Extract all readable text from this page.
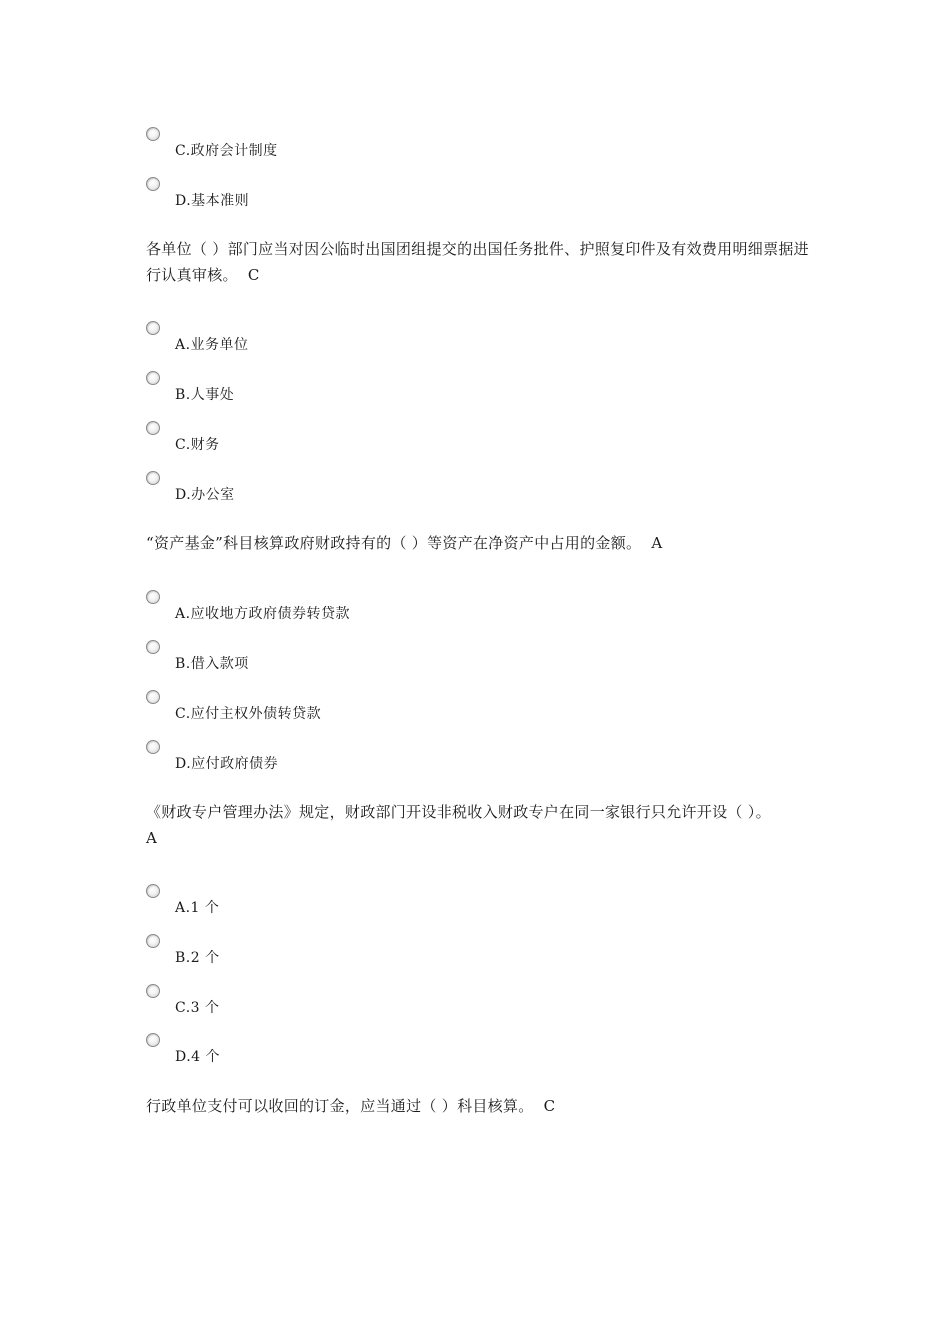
C.政府会计制度
D.基本准则
各单位（ ）部门应当对因公临时出国团组提交的出国任务批件、护照复印件及有效费用明细票据进行认真审核。 C
A.业务单位
B.人事处
C.财务
D.办公室
“资产基金”科目核算政府财政持有的（ ）等资产在净资产中占用的金额。 A
A.应收地方政府债券转贷款
B.借入款项
C.应付主权外债转贷款
D.应付政府债券
《财政专户管理办法》规定，财政部门开设非税收入财政专户在同一家银行只允许开设（ ）。
A
A.1 个
B.2 个
C.3 个
D.4 个
行政单位支付可以收回的订金，应当通过（ ）科目核算。 C
